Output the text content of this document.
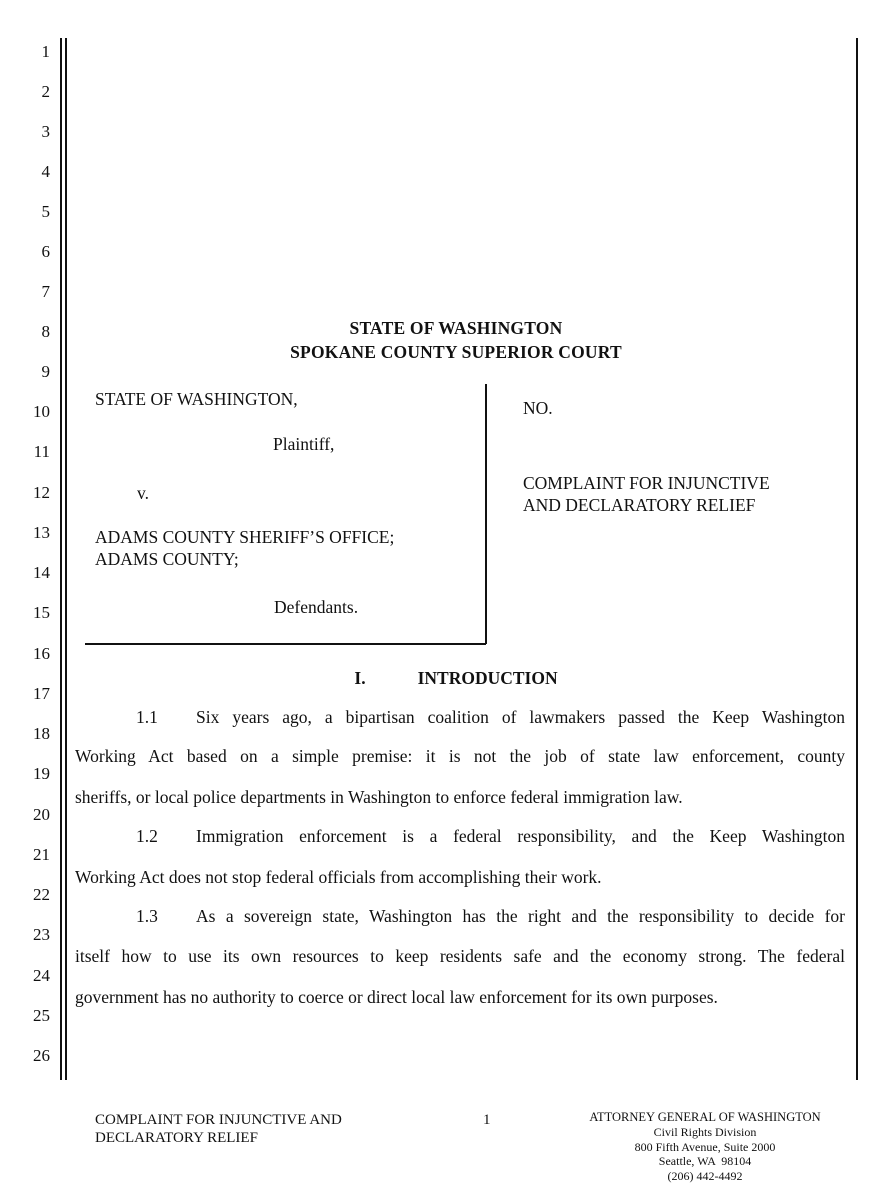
1
2
3
4
5
6
7
8
9
10
11
12
13
14
15
16
17
18
19
20
21
22
23
24
25
26
STATE OF WASHINGTON
SPOKANE COUNTY SUPERIOR COURT
STATE OF WASHINGTON,
Plaintiff,
v.
ADAMS COUNTY SHERIFF’S OFFICE;
ADAMS COUNTY;
Defendants.
NO.
COMPLAINT FOR INJUNCTIVE
AND DECLARATORY RELIEF
I.	INTRODUCTION
1.1 Six years ago, a bipartisan coalition of lawmakers passed the Keep Washington
Working Act based on a simple premise: it is not the job of state law enforcement, county
sheriffs, or local police departments in Washington to enforce federal immigration law.
1.2 Immigration enforcement is a federal responsibility, and the Keep Washington
Working Act does not stop federal officials from accomplishing their work.
1.3 As a sovereign state, Washington has the right and the responsibility to decide for
itself how to use its own resources to keep residents safe and the economy strong. The federal
government has no authority to coerce or direct local law enforcement for its own purposes.
COMPLAINT FOR INJUNCTIVE AND
DECLARATORY RELIEF
1	ATTORNEY GENERAL OF WASHINGTON
Civil Rights Division
800 Fifth Avenue, Suite 2000
Seattle, WA  98104
(206) 442-4492
